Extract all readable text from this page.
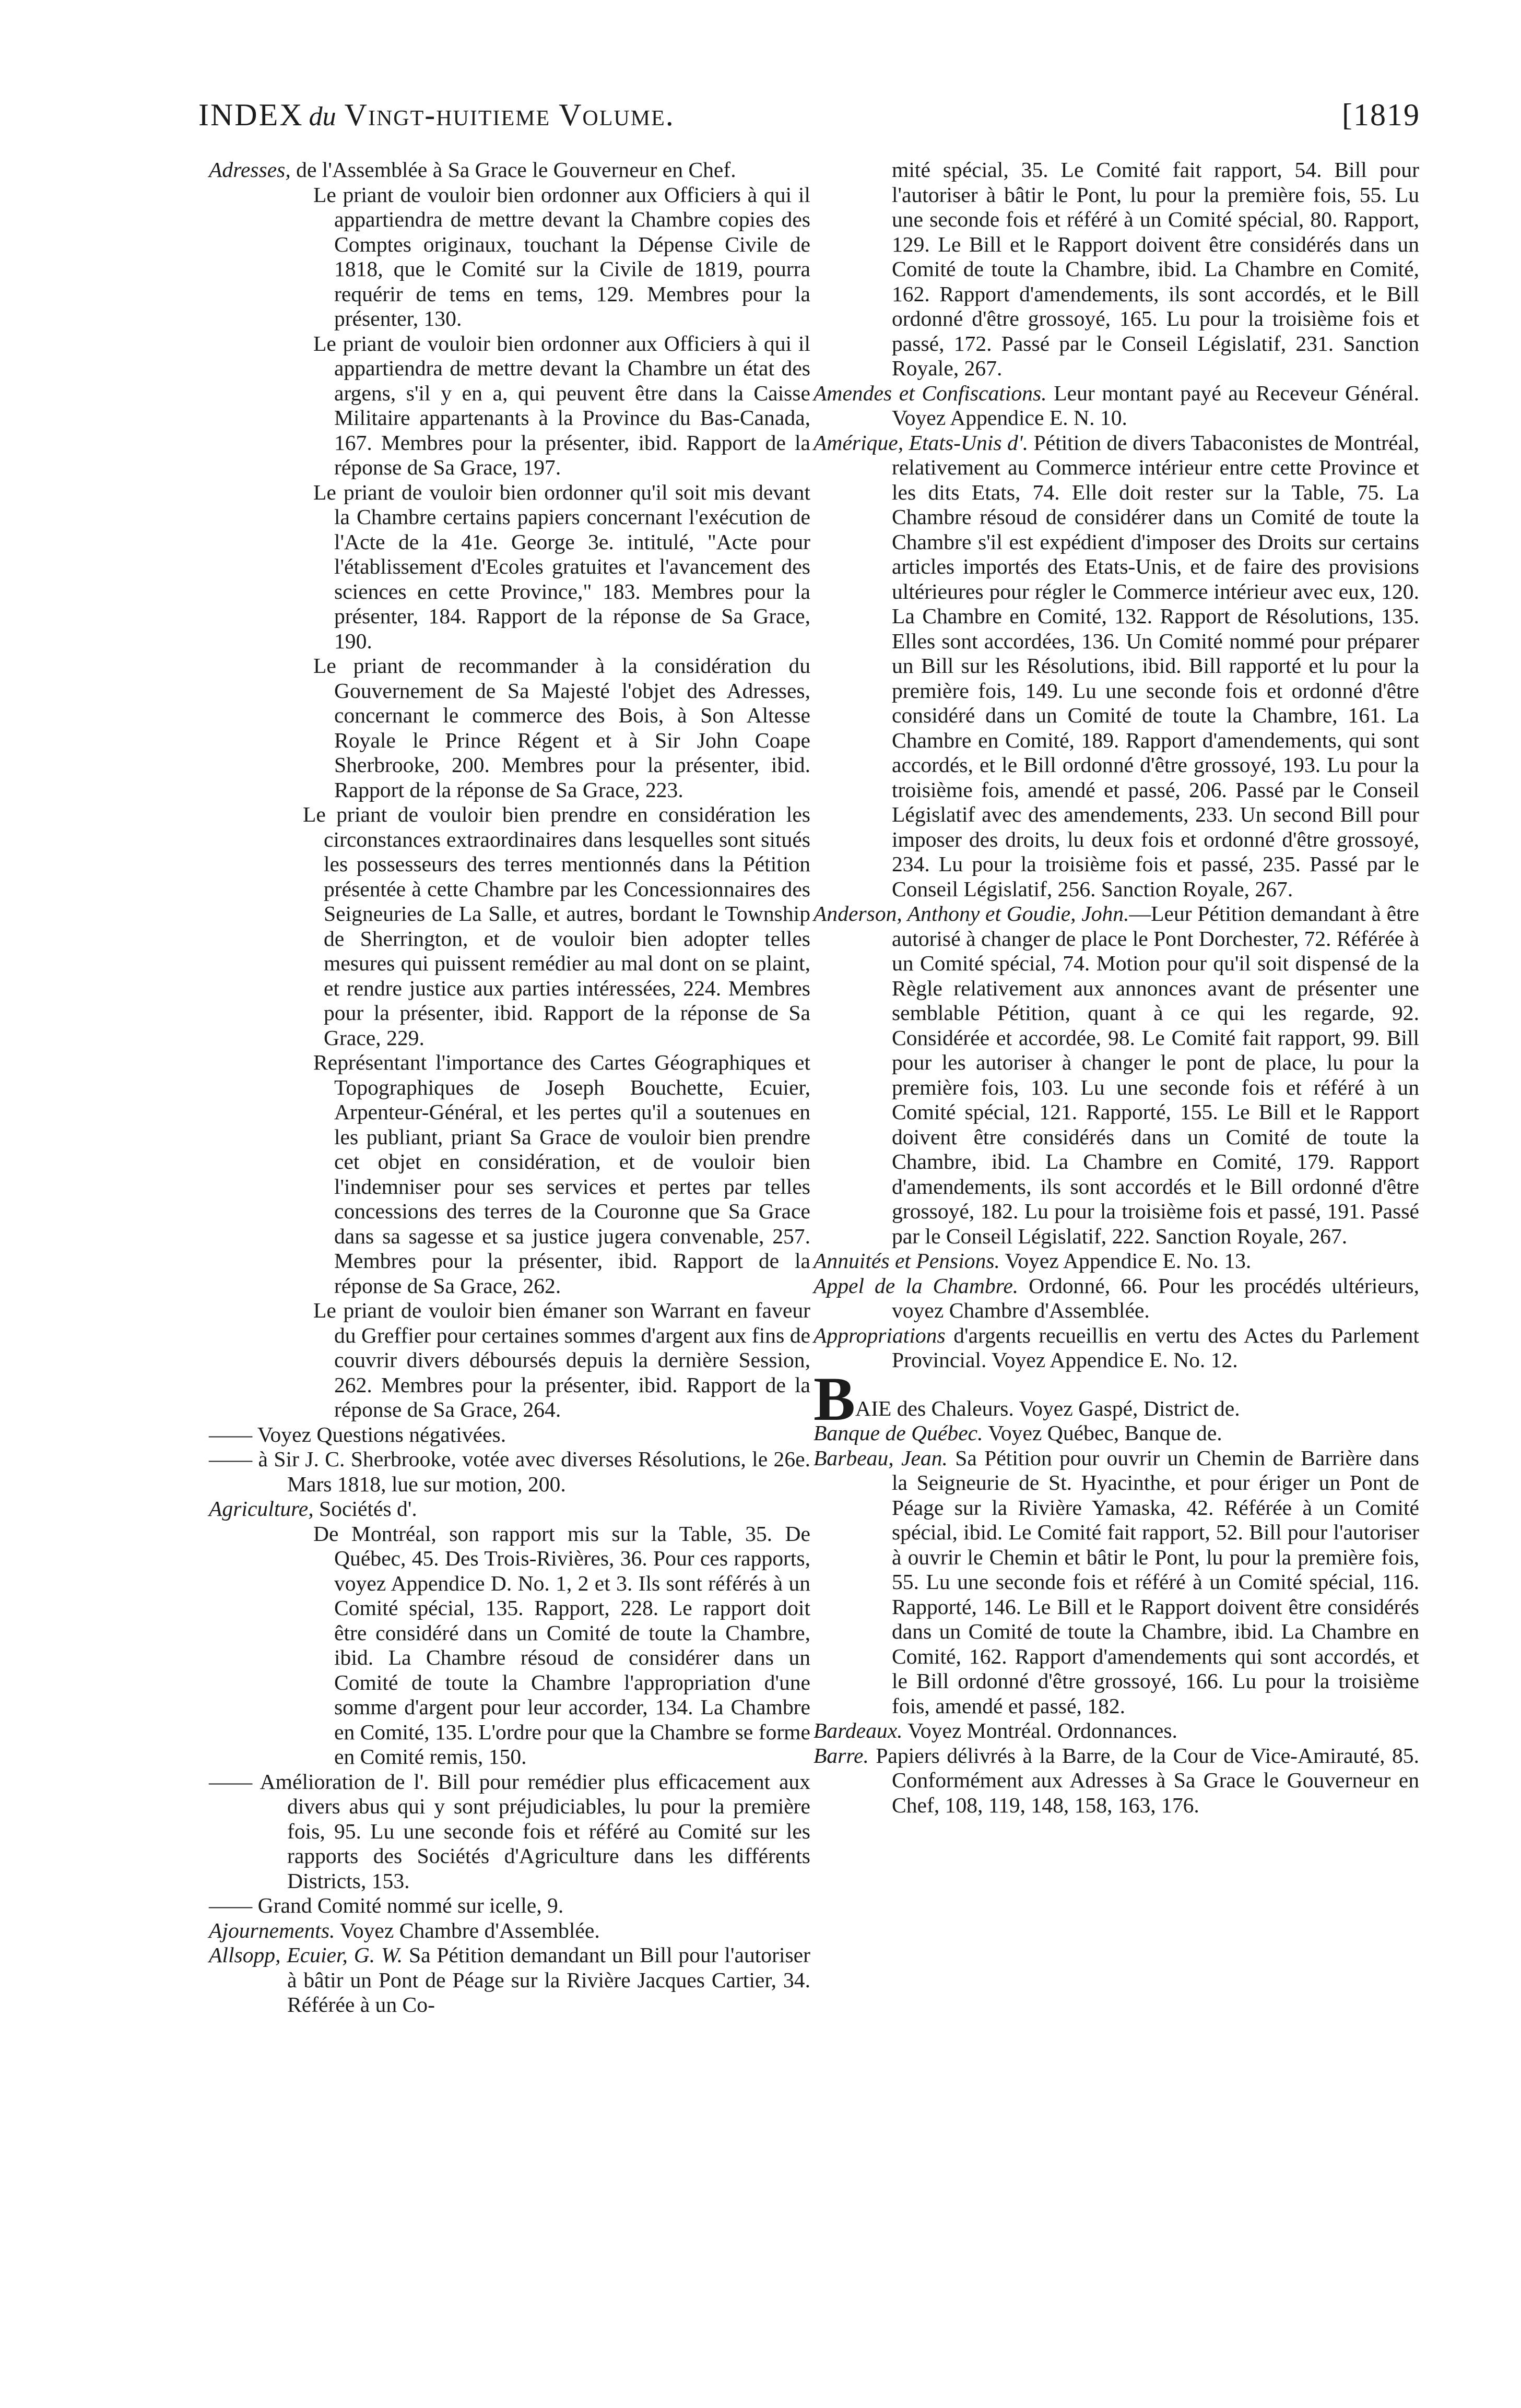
INDEX du Vingt-huitieme Volume.	[1819

Adresses, de l'Assemblée à Sa Grace le Gouverneur en Chef.

Le priant de vouloir bien ordonner aux Officiers à qui il appartiendra de mettre devant la Chambre copies des Comptes originaux, touchant la Dépense Civile de 1818, que le Comité sur la Civile de 1819, pourra requérir de tems en tems, 129. Membres pour la présenter, 130.

Le priant de vouloir bien ordonner aux Officiers à qui il appartiendra de mettre devant la Chambre un état des argens, s'il y en a, qui peuvent être dans la Caisse Militaire appartenants à la Province du Bas-Canada, 167. Membres pour la présenter, ibid. Rapport de la réponse de Sa Grace, 197.

Le priant de vouloir bien ordonner qu'il soit mis devant la Chambre certains papiers concernant l'exécution de l'Acte de la 41e. George 3e. intitulé, "Acte pour l'établissement d'Ecoles gratuites et l'avancement des sciences en cette Province," 183. Membres pour la présenter, 184. Rapport de la réponse de Sa Grace, 190.

Le priant de recommander à la considération du Gouvernement de Sa Majesté l'objet des Adresses, concernant le commerce des Bois, à Son Altesse Royale le Prince Régent et à Sir John Coape Sherbrooke, 200. Membres pour la présenter, ibid. Rapport de la réponse de Sa Grace, 223.

Le priant de vouloir bien prendre en considération les circonstances extraordinaires dans lesquelles sont situés les possesseurs des terres mentionnés dans la Pétition présentée à cette Chambre par les Concessionnaires des Seigneuries de La Salle, et autres, bordant le Township de Sherrington, et de vouloir bien adopter telles mesures qui puissent remédier au mal dont on se plaint, et rendre justice aux parties intéressées, 224. Membres pour la présenter, ibid. Rapport de la réponse de Sa Grace, 229.

Représentant l'importance des Cartes Géographiques et Topographiques de Joseph Bouchette, Ecuier, Arpenteur-Général, et les pertes qu'il a soutenues en les publiant, priant Sa Grace de vouloir bien prendre cet objet en considération, et de vouloir bien l'indemniser pour ses services et pertes par telles concessions des terres de la Couronne que Sa Grace dans sa sagesse et sa justice jugera convenable, 257. Membres pour la présenter, ibid. Rapport de la réponse de Sa Grace, 262.

Le priant de vouloir bien émaner son Warrant en faveur du Greffier pour certaines sommes d'argent aux fins de couvrir divers déboursés depuis la dernière Session, 262. Membres pour la présenter, ibid. Rapport de la réponse de Sa Grace, 264.

—— Voyez Questions négativées.

—— à Sir J. C. Sherbrooke, votée avec diverses Résolutions, le 26e. Mars 1818, lue sur motion, 200.

Agriculture, Sociétés d'.

De Montréal, son rapport mis sur la Table, 35. De Québec, 45. Des Trois-Rivières, 36. Pour ces rapports, voyez Appendice D. No. 1, 2 et 3. Ils sont référés à un Comité spécial, 135. Rapport, 228. Le rapport doit être considéré dans un Comité de toute la Chambre, ibid. La Chambre résoud de considérer dans un Comité de toute la Chambre l'appropriation d'une somme d'argent pour leur accorder, 134. La Chambre en Comité, 135. L'ordre pour que la Chambre se forme en Comité remis, 150.

—— Amélioration de l'. Bill pour remédier plus efficacement aux divers abus qui y sont préjudiciables, lu pour la première fois, 95. Lu une seconde fois et référé au Comité sur les rapports des Sociétés d'Agriculture dans les différents Districts, 153.

—— Grand Comité nommé sur icelle, 9.

Ajournements. Voyez Chambre d'Assemblée.

Allsopp, Ecuier, G. W. Sa Pétition demandant un Bill pour l'autoriser à bâtir un Pont de Péage sur la Rivière Jacques Cartier, 34. Référée à un Co-

mité spécial, 35. Le Comité fait rapport, 54. Bill pour l'autoriser à bâtir le Pont, lu pour la première fois, 55. Lu une seconde fois et référé à un Comité spécial, 80. Rapport, 129. Le Bill et le Rapport doivent être considérés dans un Comité de toute la Chambre, ibid. La Chambre en Comité, 162. Rapport d'amendements, ils sont accordés, et le Bill ordonné d'être grossoyé, 165. Lu pour la troisième fois et passé, 172. Passé par le Conseil Législatif, 231. Sanction Royale, 267.

Amendes et Confiscations. Leur montant payé au Receveur Général. Voyez Appendice E. N. 10.

Amérique, Etats-Unis d'. Pétition de divers Tabaconistes de Montréal, relativement au Commerce intérieur entre cette Province et les dits Etats, 74. Elle doit rester sur la Table, 75. La Chambre résoud de considérer dans un Comité de toute la Chambre s'il est expédient d'imposer des Droits sur certains articles importés des Etats-Unis, et de faire des provisions ultérieures pour régler le Commerce intérieur avec eux, 120. La Chambre en Comité, 132. Rapport de Résolutions, 135. Elles sont accordées, 136. Un Comité nommé pour préparer un Bill sur les Résolutions, ibid. Bill rapporté et lu pour la première fois, 149. Lu une seconde fois et ordonné d'être considéré dans un Comité de toute la Chambre, 161. La Chambre en Comité, 189. Rapport d'amendements, qui sont accordés, et le Bill ordonné d'être grossoyé, 193. Lu pour la troisième fois, amendé et passé, 206. Passé par le Conseil Législatif avec des amendements, 233. Un second Bill pour imposer des droits, lu deux fois et ordonné d'être grossoyé, 234. Lu pour la troisième fois et passé, 235. Passé par le Conseil Législatif, 256. Sanction Royale, 267.

Anderson, Anthony et Goudie, John.—Leur Pétition demandant à être autorisé à changer de place le Pont Dorchester, 72. Référée à un Comité spécial, 74. Motion pour qu'il soit dispensé de la Règle relativement aux annonces avant de présenter une semblable Pétition, quant à ce qui les regarde, 92. Considérée et accordée, 98. Le Comité fait rapport, 99. Bill pour les autoriser à changer le pont de place, lu pour la première fois, 103. Lu une seconde fois et référé à un Comité spécial, 121. Rapporté, 155. Le Bill et le Rapport doivent être considérés dans un Comité de toute la Chambre, ibid. La Chambre en Comité, 179. Rapport d'amendements, ils sont accordés et le Bill ordonné d'être grossoyé, 182. Lu pour la troisième fois et passé, 191. Passé par le Conseil Législatif, 222. Sanction Royale, 267.

Annuités et Pensions. Voyez Appendice E. No. 13.

Appel de la Chambre. Ordonné, 66. Pour les procédés ultérieurs, voyez Chambre d'Assemblée.

Appropriations d'argents recueillis en vertu des Actes du Parlement Provincial. Voyez Appendice E. No. 12.

BAIE des Chaleurs. Voyez Gaspé, District de.

Banque de Québec. Voyez Québec, Banque de.

Barbeau, Jean. Sa Pétition pour ouvrir un Chemin de Barrière dans la Seigneurie de St. Hyacinthe, et pour ériger un Pont de Péage sur la Rivière Yamaska, 42. Référée à un Comité spécial, ibid. Le Comité fait rapport, 52. Bill pour l'autoriser à ouvrir le Chemin et bâtir le Pont, lu pour la première fois, 55. Lu une seconde fois et référé à un Comité spécial, 116. Rapporté, 146. Le Bill et le Rapport doivent être considérés dans un Comité de toute la Chambre, ibid. La Chambre en Comité, 162. Rapport d'amendements qui sont accordés, et le Bill ordonné d'être grossoyé, 166. Lu pour la troisième fois, amendé et passé, 182.

Bardeaux. Voyez Montréal. Ordonnances.

Barre. Papiers délivrés à la Barre, de la Cour de Vice-Amirauté, 85. Conformément aux Adresses à Sa Grace le Gouverneur en Chef, 108, 119, 148, 158, 163, 176.
